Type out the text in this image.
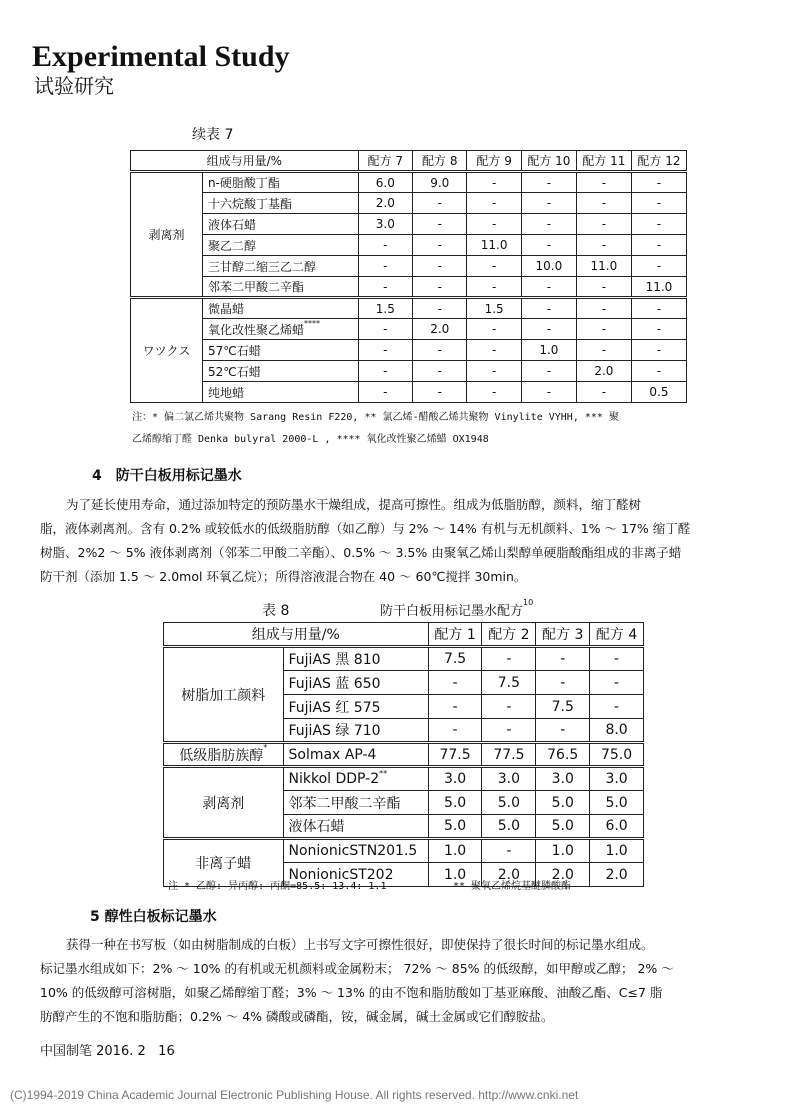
Experimental Study
试验研究
续表 7
组成与用量/%		配方 7	配方 8	配方 9	配方 10	配方 11	配方 12
剥离剂	n-硬脂酸丁酯	6.0	9.0	-	-	-	-
	十六烷酸丁基酯	2.0	-	-	-	-	-
	液体石蜡	3.0	-	-	-	-	-
	聚乙二醇	-	-	11.0	-	-	-
	三甘醇二缩三乙二醇	-	-	-	10.0	11.0	-
	邻苯二甲酸二辛酯	-	-	-	-	-	11.0
ワツクス	微晶蜡	1.5	-	1.5	-	-	-
	氧化改性聚乙烯蜡****	-	2.0	-	-	-	-
	57℃石蜡	-	-	-	1.0	-	-
	52℃石蜡	-	-	-	-	2.0	-
	纯地蜡	-	-	-	-	-	0.5
注：* 偏二氯乙烯共聚物 Sarang Resin F220, ** 氯乙烯-醋酸乙烯共聚物 Vinylite VYHH, *** 聚
乙烯醇缩丁醛 Denka bulyral 2000-L , **** 氧化改性聚乙烯蜡 OX1948
4　防干白板用标记墨水
为了延长使用寿命，通过添加特定的预防墨水干燥组成，提高可擦性。组成为低脂肪醇，颜料，缩丁醛树
脂，液体剥离剂。含有 0.2% 或较低水的低级脂肪醇（如乙醇）与 2% ～ 14% 有机与无机颜料、1% ～ 17% 缩丁醛
树脂、2%2 ～ 5% 液体剥离剂（邻苯二甲酸二辛酯）、0.5% ～ 3.5% 由聚氧乙烯山梨醇单硬脂酸酯组成的非离子蜡
防干剂（添加 1.5 ～ 2.0mol 环氧乙烷）；所得溶液混合物在 40 ～ 60℃搅拌 30min。
表 8	防干白板用标记墨水配方$^{10}$
组成与用量/%		配方 1	配方 2	配方 3	配方 4
树脂加工颜料	FujiAS 黑 810	7.5	-	-	-
	FujiAS 蓝 650	-	7.5	-	-
	FujiAS 红 575	-	-	7.5	-
	FujiAS 绿 710	-	-	-	8.0
低级脂肪族醇*	Solmax AP-4	77.5	77.5	76.5	75.0
剥离剂	Nikkol DDP-2**	3.0	3.0	3.0	3.0
	邻苯二甲酸二辛酯	5.0	5.0	5.0	5.0
	液体石蜡	5.0	5.0	5.0	6.0
非离子蜡	NonionicSTN201.5	1.0	-	1.0	1.0
	NonionicST202	1.0	2.0	2.0	2.0
注 * 乙醇: 异丙醇: 丙酮=85.5: 13.4: 1.1	** 聚氧乙烯烷基醚膦酸酯
5 醇性白板标记墨水
获得一种在书写板（如由树脂制成的白板）上书写文字可擦性很好，即使保持了很长时间的标记墨水组成。
标记墨水组成如下：2% ～ 10% 的有机或无机颜料或金属粉末； 72% ～ 85% 的低级醇，如甲醇或乙醇； 2% ～
10% 的低级醇可溶树脂，如聚乙烯醇缩丁醛；3% ～ 13% 的由不饱和脂肪酸如丁基亚麻酸、油酸乙酯、C≤7 脂
肪醇产生的不饱和脂肪酯；0.2% ～ 4% 磷酸或磷酯，铵，碱金属，碱土金属或它们醇胺盐。
中国制笔 2016. 2 16
(C)1994-2019 China Academic Journal Electronic Publishing House. All rights reserved. http://www.cnki.net
